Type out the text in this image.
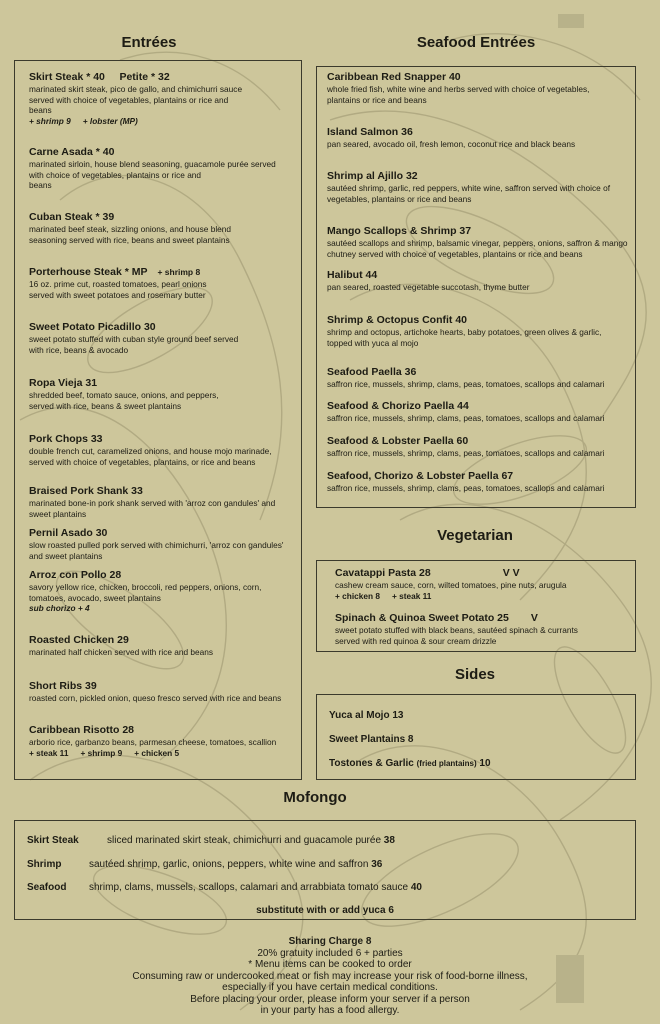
Entrées
Skirt Steak * 40     Petite * 32
marinated skirt steak, pico de gallo, and chimichurri sauce
served with choice of vegetables, plantains or rice and
beans
+ shrimp 9 + lobster (MP)
Carne Asada * 40
marinated sirloin, house blend seasoning, guacamole purée served
with choice of vegetables, plantains or rice and
beans
Cuban Steak * 39
marinated beef steak, sizzling onions, and house blend
seasoning served with rice, beans and sweet plantains
Porterhouse Steak * MP + shrimp 8
16 oz. prime cut, roasted tomatoes, pearl onions
served with sweet potatoes and rosemary butter
Sweet Potato Picadillo 30
sweet potato stuffed with cuban style ground beef served
with rice, beans & avocado
Ropa Vieja 31
shredded beef, tomato sauce, onions, and peppers,
served with rice, beans & sweet plantains
Pork Chops 33
double french cut, caramelized onions, and house mojo marinade,
served with choice of vegetables, plantains, or rice and beans
Braised Pork Shank 33
marinated bone-in pork shank served with 'arroz con gandules' and
sweet plantains
Pernil Asado 30
slow roasted pulled pork served with chimichurri, 'arroz con gandules'
and sweet plantains
Arroz con Pollo 28
savory yellow rice, chicken, broccoli, red peppers, onions, corn,
tomatoes, avocado, sweet plantains
sub chorizo + 4
Roasted Chicken 29
marinated half chicken served with rice and beans
Short Ribs 39
roasted corn, pickled onion, queso fresco served with rice and beans
Caribbean Risotto 28
arborio rice, garbanzo beans, parmesan cheese, tomatoes, scallion
+ steak 11 + shrimp 9 + chicken 5
Seafood Entrées
Caribbean Red Snapper 40
whole fried fish, white wine and herbs served with choice of vegetables,
plantains or rice and beans
Island Salmon 36
pan seared, avocado oil, fresh lemon, coconut rice and black beans
Shrimp al Ajillo 32
sautéed shrimp, garlic, red peppers, white wine, saffron served with choice of
vegetables, plantains or rice and beans
Mango Scallops & Shrimp 37
sautéed scallops and shrimp, balsamic vinegar, peppers, onions, saffron & mango
chutney served with choice of vegetables, plantains or rice and beans
Halibut 44
pan seared, roasted vegetable succotash, thyme butter
Shrimp & Octopus Confit 40
shrimp and octopus, artichoke hearts, baby potatoes, green olives & garlic,
topped with yuca al mojo
Seafood Paella 36
saffron rice, mussels, shrimp, clams, peas, tomatoes, scallops and calamari
Seafood & Chorizo Paella 44
saffron rice, mussels, shrimp, clams, peas, tomatoes, scallops and calamari
Seafood & Lobster Paella 60
saffron rice, mussels, shrimp, clams, peas, tomatoes, scallops and calamari
Seafood, Chorizo & Lobster Paella 67
saffron rice, mussels, shrimp, clams, peas, tomatoes, scallops and calamari
Vegetarian
Cavatappi Pasta 28	V V
cashew cream sauce, corn, wilted tomatoes, pine nuts, arugula
+ chicken 8 + steak 11
Spinach & Quinoa Sweet Potato 25 V
sweet potato stuffed with black beans, sautéed spinach & currants
served with red quinoa & sour cream drizzle
Sides
Yuca al Mojo 13
Sweet Plantains 8
Tostones & Garlic (fried plantains) 10
Mofongo
Skirt Steak	sliced marinated skirt steak, chimichurri and guacamole purée 38
Shrimp	sautéed shrimp, garlic, onions, peppers, white wine and saffron 36
Seafood shrimp, clams, mussels, scallops, calamari and arrabbiata tomato sauce 40
substitute with or add yuca 6
Sharing Charge 8
20% gratuity included 6 + parties
* Menu items can be cooked to order
Consuming raw or undercooked meat or fish may increase your risk of food-borne illness,
especially if you have certain medical conditions.
Before placing your order, please inform your server if a person
in your party has a food allergy.
